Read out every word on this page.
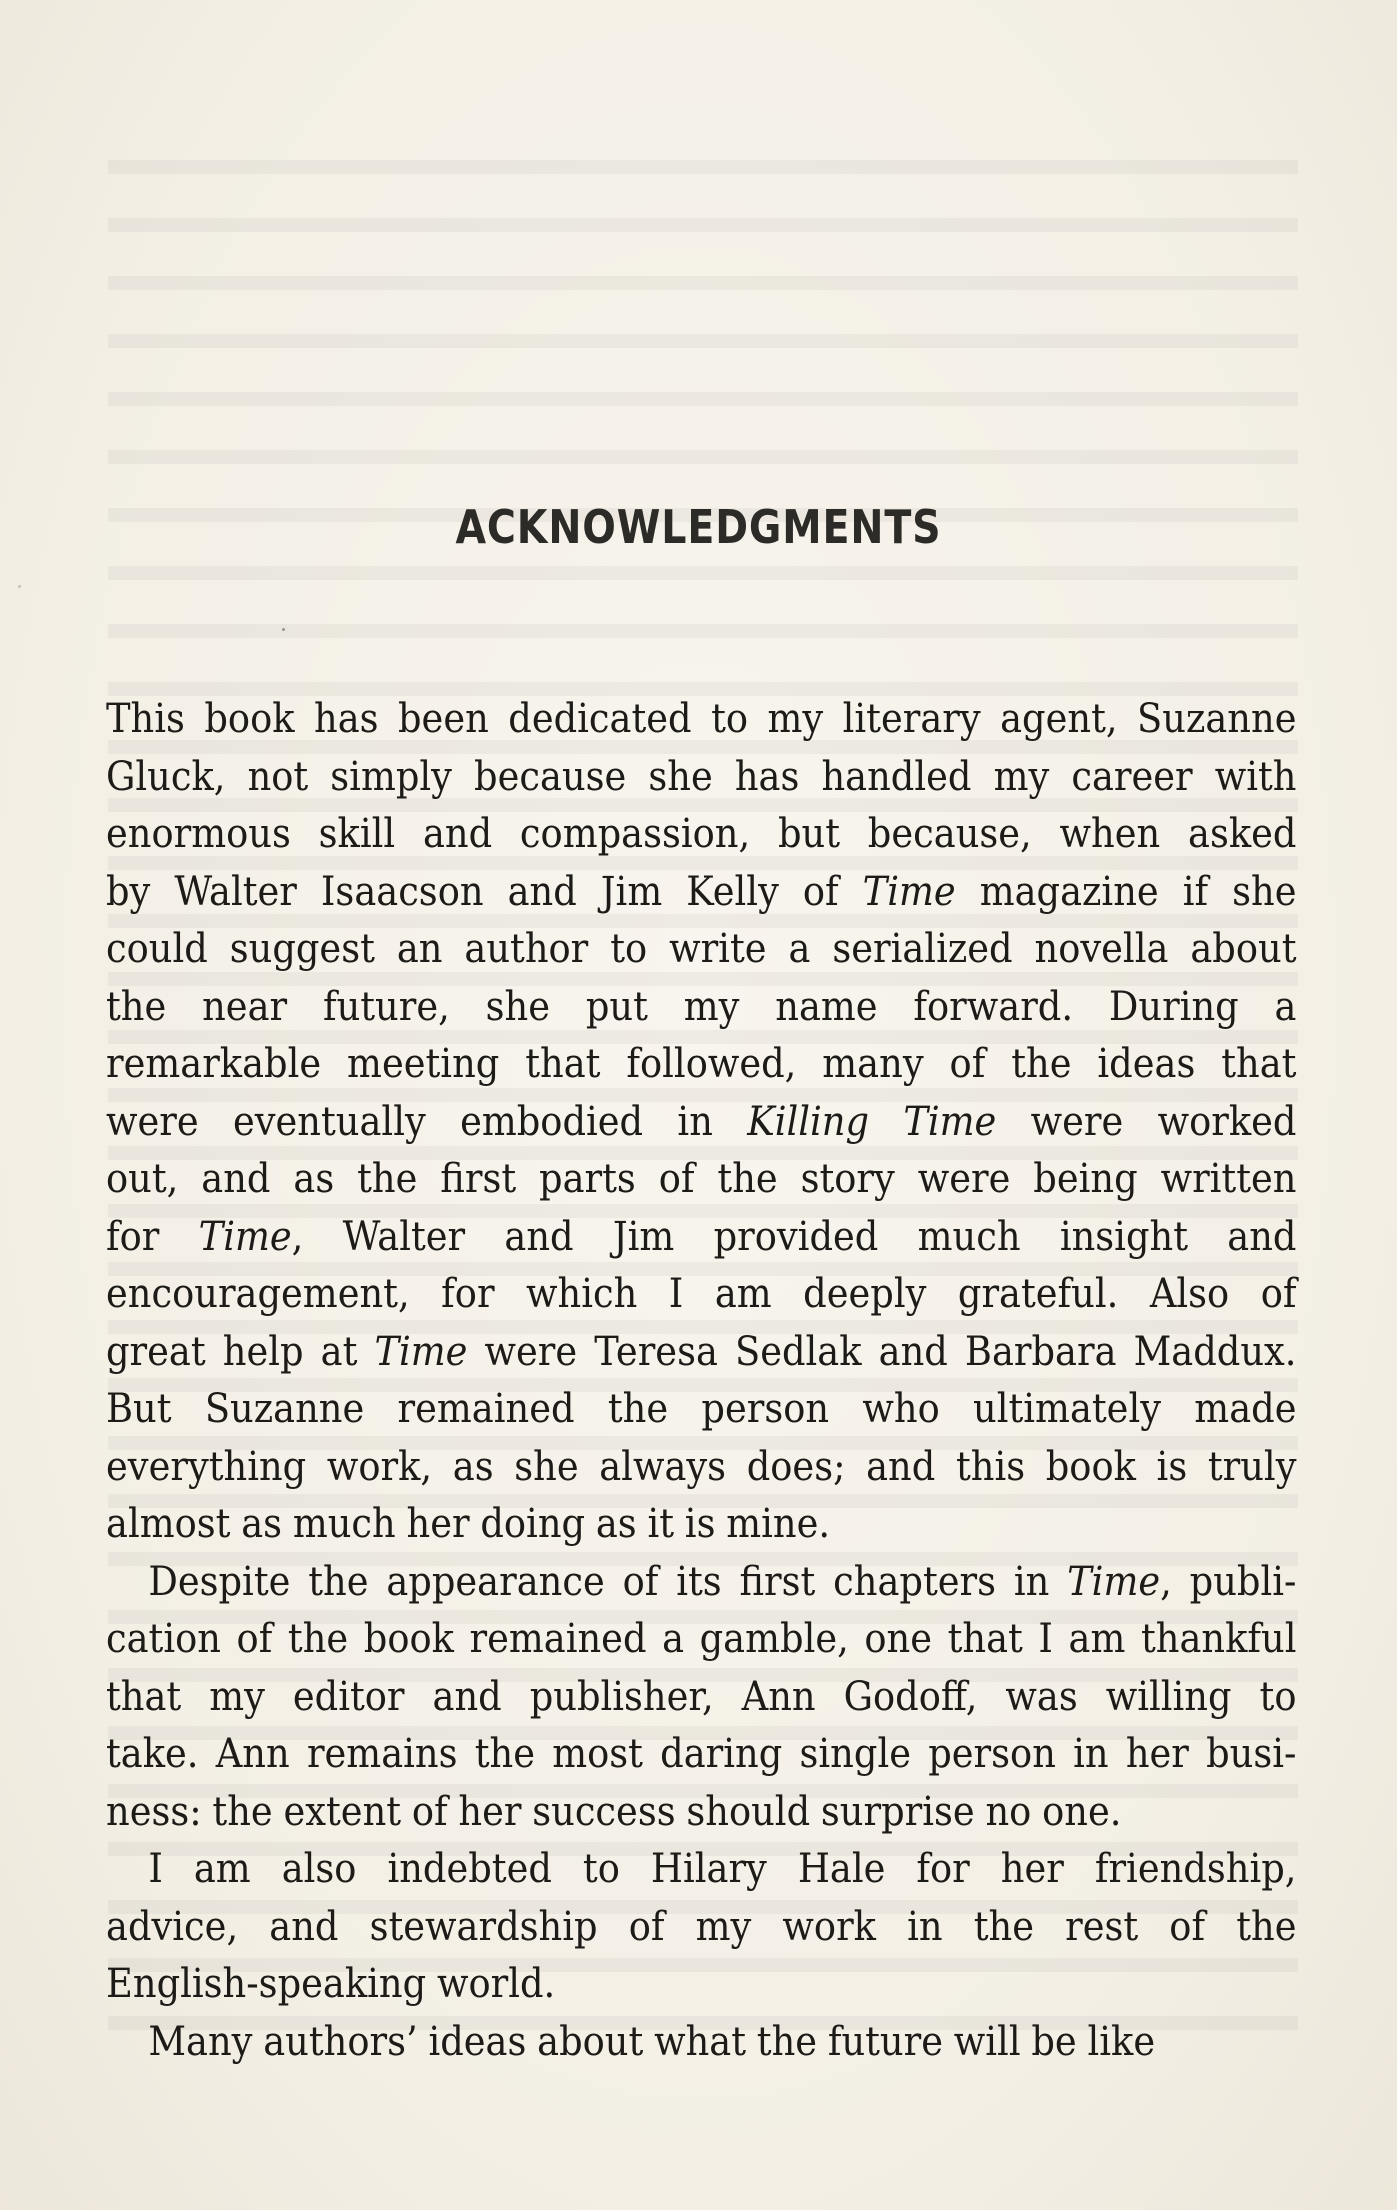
ACKNOWLEDGMENTS
This book has been dedicated to my literary agent, Suzanne
Gluck, not simply because she has handled my career with
enormous skill and compassion, but because, when asked
by Walter Isaacson and Jim Kelly of Time magazine if she
could suggest an author to write a serialized novella about
the near future, she put my name forward. During a
remarkable meeting that followed, many of the ideas that
were eventually embodied in Killing Time were worked
out, and as the first parts of the story were being written
for Time, Walter and Jim provided much insight and
encouragement, for which I am deeply grateful. Also of
great help at Time were Teresa Sedlak and Barbara Maddux.
But Suzanne remained the person who ultimately made
everything work, as she always does; and this book is truly
almost as much her doing as it is mine.
Despite the appearance of its first chapters in Time, publi-
cation of the book remained a gamble, one that I am thankful
that my editor and publisher, Ann Godoff, was willing to
take. Ann remains the most daring single person in her busi-
ness: the extent of her success should surprise no one.
I am also indebted to Hilary Hale for her friendship,
advice, and stewardship of my work in the rest of the
English-speaking world.
Many authors’ ideas about what the future will be like
